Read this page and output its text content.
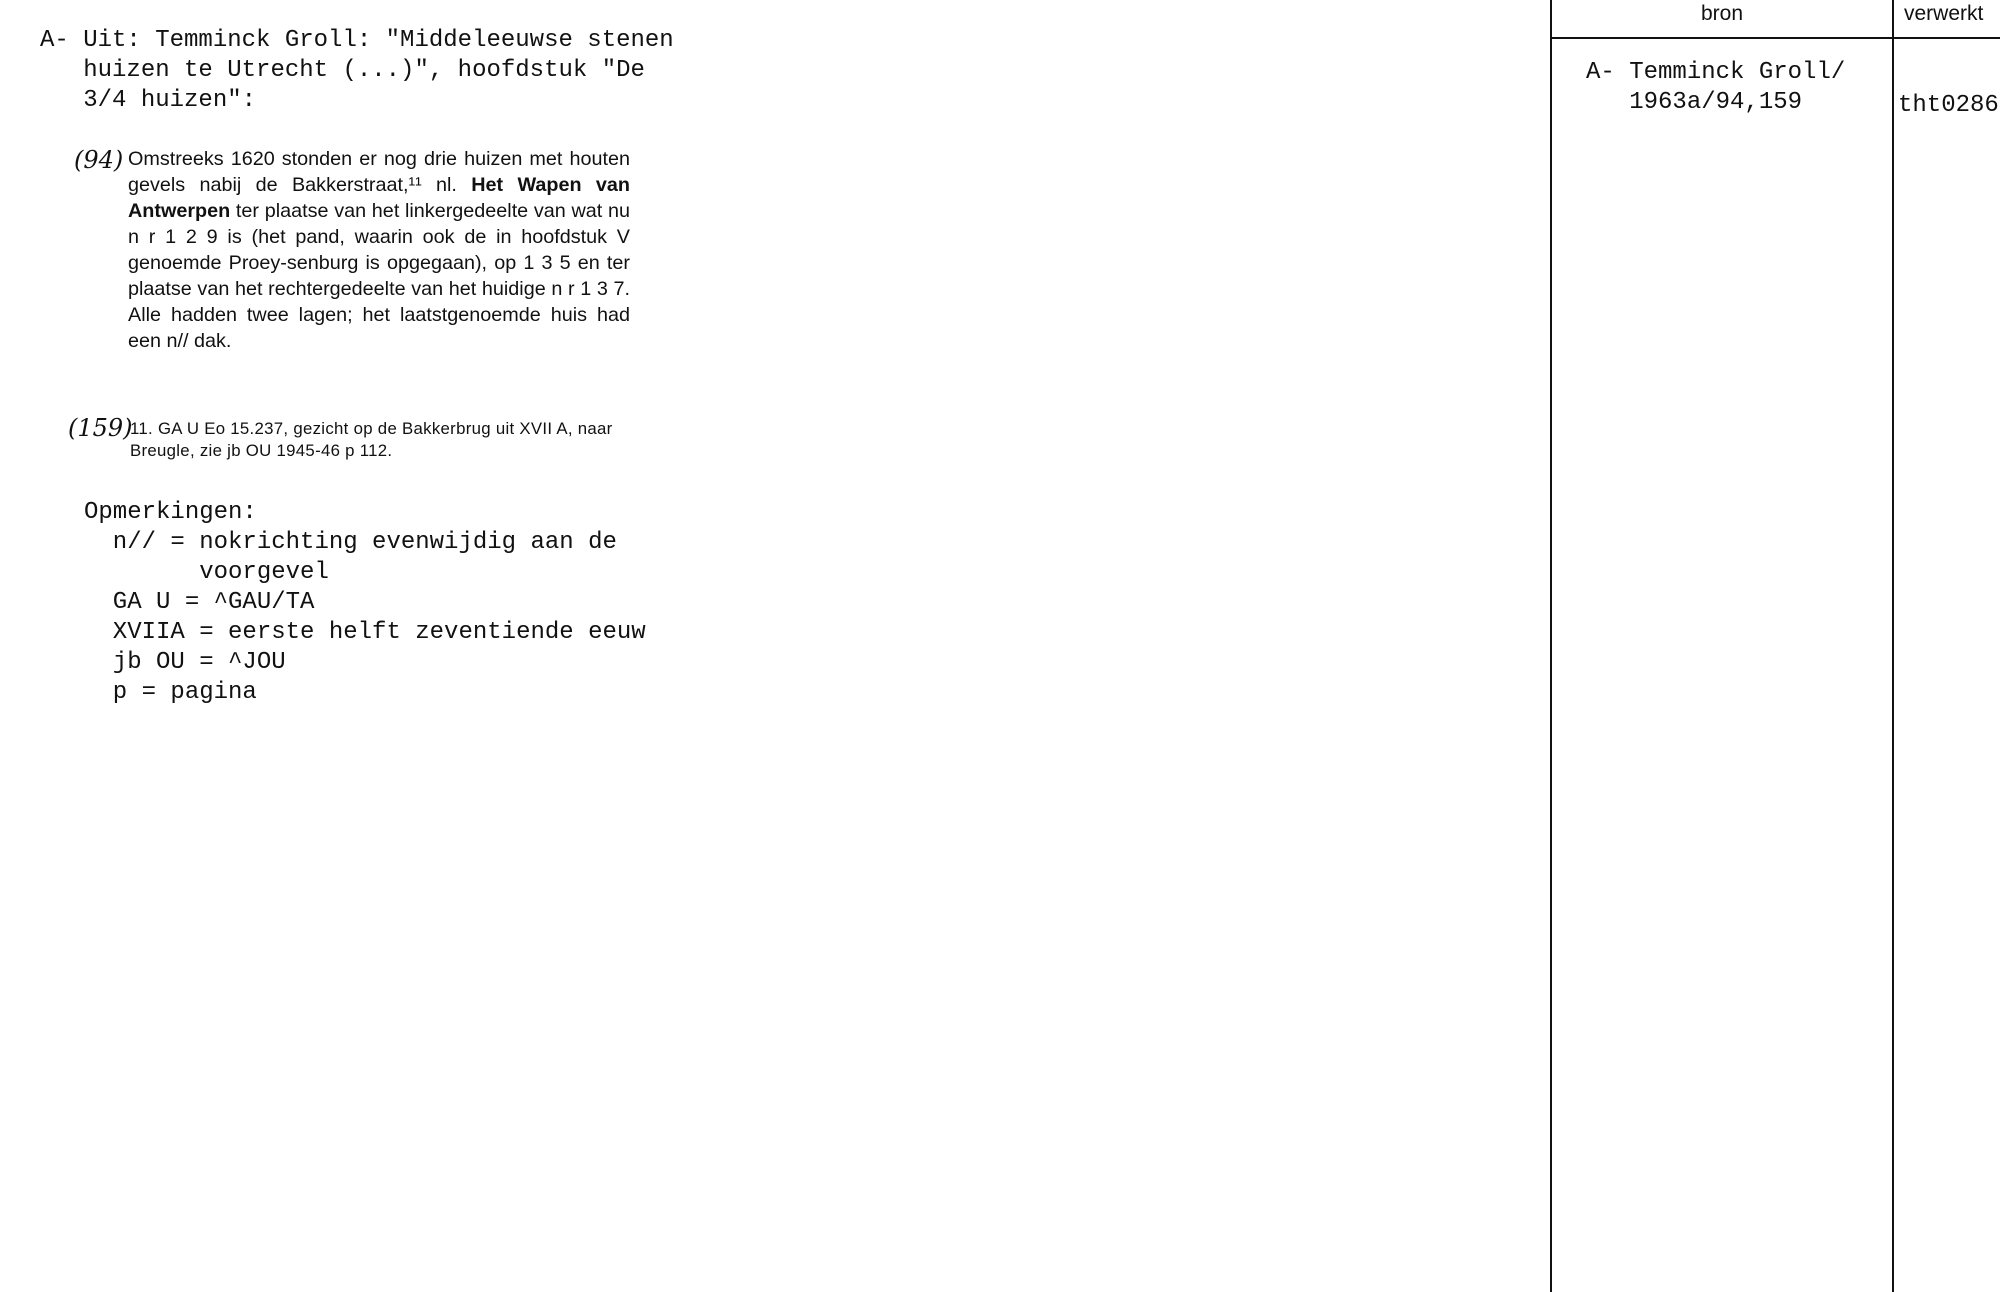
A- Uit: Temminck Groll: "Middeleeuwse stenen
huizen te Utrecht (...)", hoofdstuk "De
3/4 huizen":
(94) Omstreeks 1620 stonden er nog drie huizen met houten gevels nabij de Bakkerstraat,¹¹ nl. Het Wapen van Antwerpen ter plaatse van het linkergedeelte van wat nu n r 1 2 9 is (het pand, waarin ook de in hoofdstuk V genoemde Proey-senburg is opgegaan), op 1 3 5 en ter plaatse van het rechtergedeelte van het huidige n r 1 3 7. Alle hadden twee lagen; het laatstgenoemde huis had een n// dak.
(159)
11. GA U Eo 15.237, gezicht op de Bakkerbrug uit XVII A, naar Breugle, zie jb OU 1945-46 p 112.
Opmerkingen:
n// = nokrichting evenwijdig aan de
voorgevel
GA U = ^GAU/TA
XVIIA = eerste helft zeventiende eeuw
jb OU = ^JOU
p = pagina
bron	verwerkt
A- Temminck Groll/
1963a/94,159	tht0286
